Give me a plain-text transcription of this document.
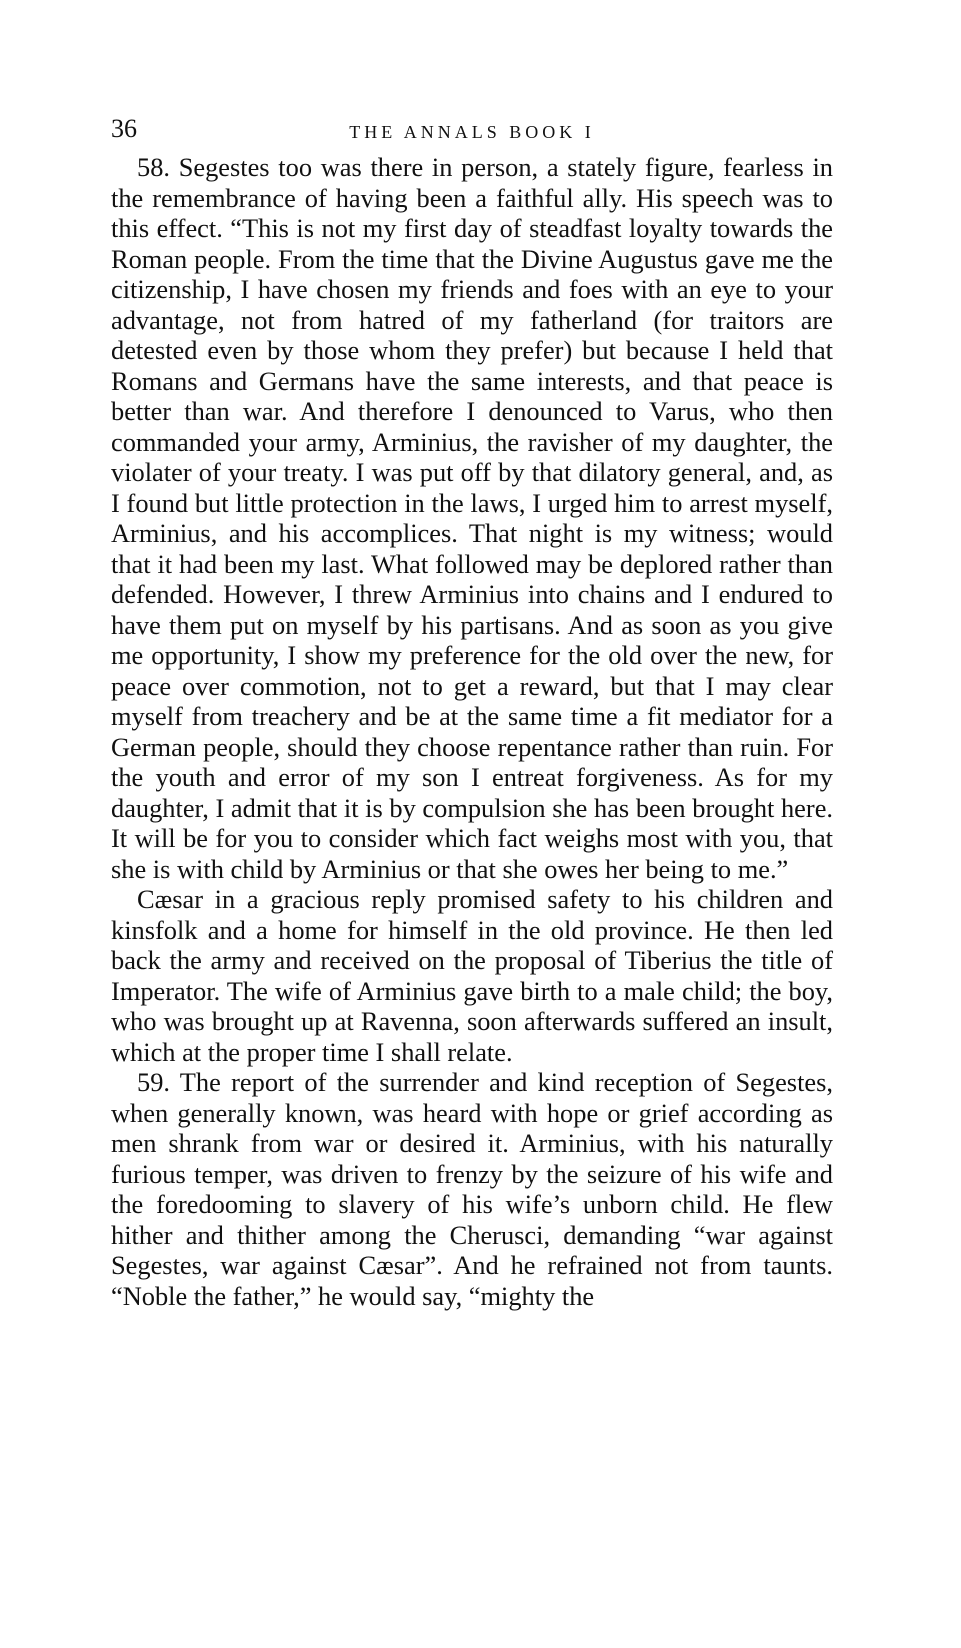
36	THE ANNALS BOOK I

58. Segestes too was there in person, a stately figure, fearless in the remembrance of having been a faithful ally. His speech was to this effect. “This is not my first day of steadfast loyalty towards the Roman people. From the time that the Divine Augustus gave me the citizenship, I have chosen my friends and foes with an eye to your advantage, not from hatred of my fatherland (for traitors are detested even by those whom they prefer) but because I held that Romans and Germans have the same interests, and that peace is better than war. And therefore I denounced to Varus, who then commanded your army, Arminius, the ravisher of my daughter, the violater of your treaty. I was put off by that dilatory general, and, as I found but little protection in the laws, I urged him to arrest myself, Arminius, and his accomplices. That night is my witness; would that it had been my last. What followed may be deplored rather than defended. However, I threw Arminius into chains and I endured to have them put on myself by his partisans. And as soon as you give me opportunity, I show my preference for the old over the new, for peace over commotion, not to get a reward, but that I may clear myself from treachery and be at the same time a fit mediator for a German people, should they choose repentance rather than ruin. For the youth and error of my son I entreat forgiveness. As for my daughter, I admit that it is by compulsion she has been brought here. It will be for you to consider which fact weighs most with you, that she is with child by Arminius or that she owes her being to me.”

Cæsar in a gracious reply promised safety to his children and kinsfolk and a home for himself in the old province. He then led back the army and received on the proposal of Tiberius the title of Imperator. The wife of Arminius gave birth to a male child; the boy, who was brought up at Ravenna, soon afterwards suffered an insult, which at the proper time I shall relate.

59. The report of the surrender and kind reception of Segestes, when generally known, was heard with hope or grief according as men shrank from war or desired it. Arminius, with his naturally furious temper, was driven to frenzy by the seizure of his wife and the foredooming to slavery of his wife’s unborn child. He flew hither and thither among the Cherusci, demanding “war against Segestes, war against Cæsar”. And he refrained not from taunts. “Noble the father,” he would say, “mighty the
